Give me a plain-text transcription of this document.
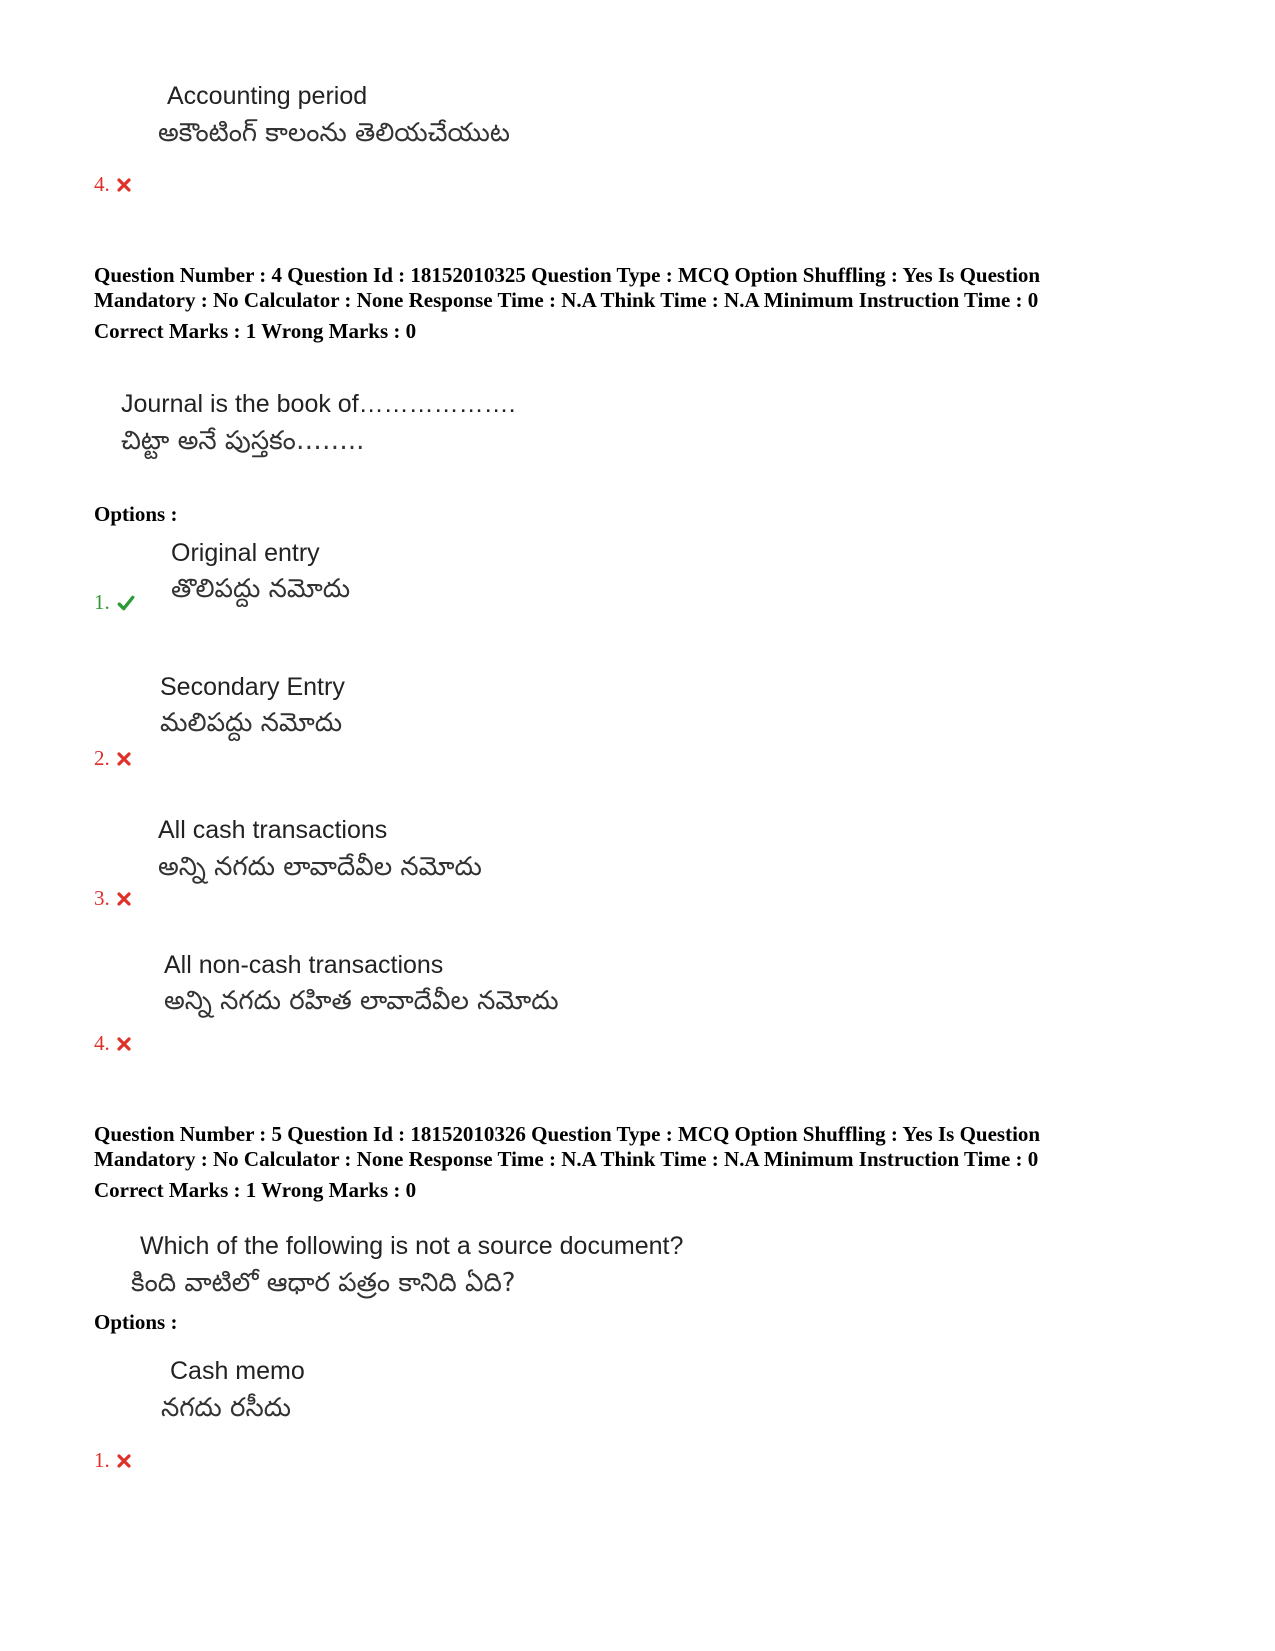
Accounting period
అకౌంటింగ్ కాలంను తెలియచేయుట
4.
Question Number : 4 Question Id : 18152010325 Question Type : MCQ Option Shuffling : Yes Is Question
Mandatory : No Calculator : None Response Time : N.A Think Time : N.A Minimum Instruction Time : 0
Correct Marks : 1 Wrong Marks : 0
Journal is the book of……………….
చిట్టా అనే పుస్తకం……..
Options :
Original entry
తొలిపద్దు నమోదు
1.
Secondary Entry
మలిపద్దు నమోదు
2.
All cash transactions
అన్ని నగదు లావాదేవీల నమోదు
3.
All non-cash transactions
అన్ని నగదు రహిత లావాదేవీల నమోదు
4.
Question Number : 5 Question Id : 18152010326 Question Type : MCQ Option Shuffling : Yes Is Question
Mandatory : No Calculator : None Response Time : N.A Think Time : N.A Minimum Instruction Time : 0
Correct Marks : 1 Wrong Marks : 0
Which of the following is not a source document?
కింది వాటిలో ఆధార పత్రం కానిది ఏది?
Options :
Cash memo
నగదు రసీదు
1.
